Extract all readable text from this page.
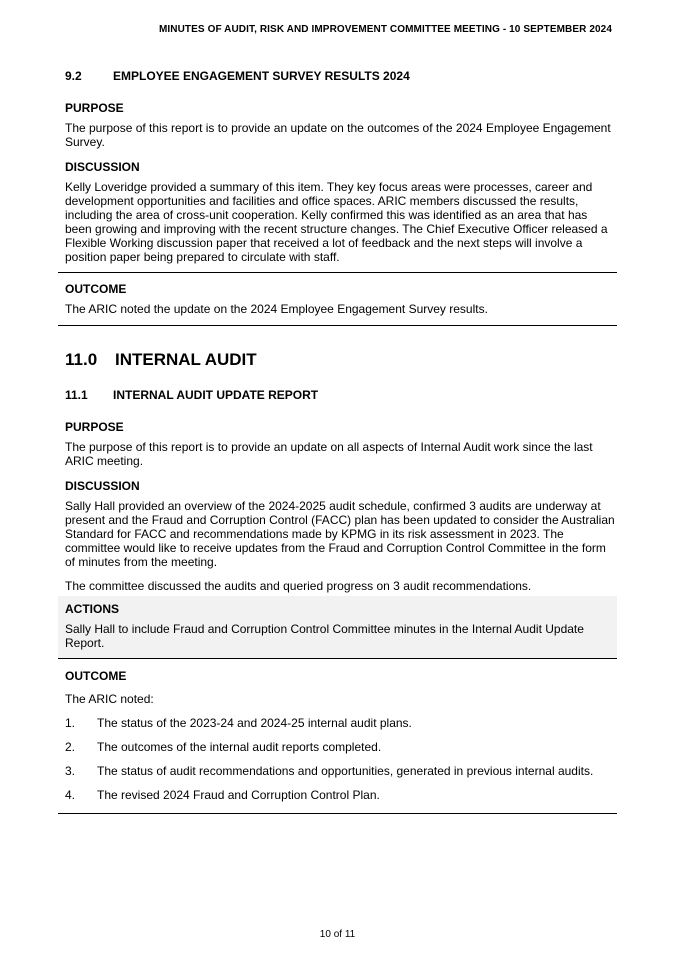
MINUTES OF AUDIT, RISK AND IMPROVEMENT COMMITTEE MEETING - 10 SEPTEMBER 2024
9.2	EMPLOYEE ENGAGEMENT SURVEY RESULTS 2024
PURPOSE

The purpose of this report is to provide an update on the outcomes of the 2024 Employee Engagement Survey.

DISCUSSION

Kelly Loveridge provided a summary of this item. They key focus areas were processes, career and development opportunities and facilities and office spaces. ARIC members discussed the results, including the area of cross-unit cooperation. Kelly confirmed this was identified as an area that has been growing and improving with the recent structure changes. The Chief Executive Officer released a Flexible Working discussion paper that received a lot of feedback and the next steps will involve a position paper being prepared to circulate with staff.

OUTCOME

The ARIC noted the update on the 2024 Employee Engagement Survey results.

11.0	INTERNAL AUDIT
11.1	INTERNAL AUDIT UPDATE REPORT
PURPOSE

The purpose of this report is to provide an update on all aspects of Internal Audit work since the last ARIC meeting.

DISCUSSION

Sally Hall provided an overview of the 2024-2025 audit schedule, confirmed 3 audits are underway at present and the Fraud and Corruption Control (FACC) plan has been updated to consider the Australian Standard for FACC and recommendations made by KPMG in its risk assessment in 2023. The committee would like to receive updates from the Fraud and Corruption Control Committee in the form of minutes from the meeting.

The committee discussed the audits and queried progress on 3 audit recommendations.

ACTIONS

Sally Hall to include Fraud and Corruption Control Committee minutes in the Internal Audit Update Report.

OUTCOME

The ARIC noted:

1.	The status of the 2023-24 and 2024-25 internal audit plans.
2.	The outcomes of the internal audit reports completed.
3.	The status of audit recommendations and opportunities, generated in previous internal audits.
4.	The revised 2024 Fraud and Corruption Control Plan.
10 of 11
